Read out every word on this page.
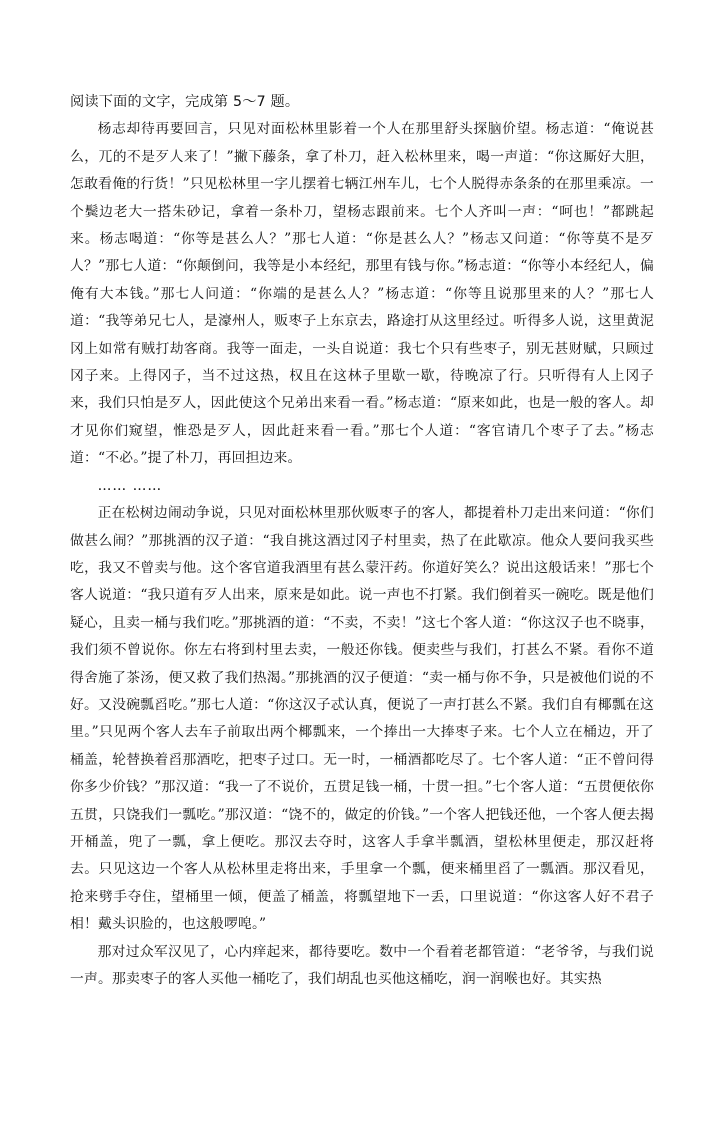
阅读下面的文字，完成第 5～7 题。

杨志却待再要回言，只见对面松林里影着一个人在那里舒头探脑价望。杨志道：“俺说甚么，兀的不是歹人来了！”撇下藤条，拿了朴刀，赶入松林里来，喝一声道：“你这厮好大胆，怎敢看俺的行货！”只见松林里一字儿摆着七辆江州车儿，七个人脱得赤条条的在那里乘凉。一个鬓边老大一搭朱砂记，拿着一条朴刀，望杨志跟前来。七个人齐叫一声：“呵也！”都跳起来。杨志喝道：“你等是甚么人？”那七人道：“你是甚么人？”杨志又问道：“你等莫不是歹人？”那七人道：“你颠倒问，我等是小本经纪，那里有钱与你。”杨志道：“你等小本经纪人，偏俺有大本钱。”那七人问道：“你端的是甚么人？”杨志道：“你等且说那里来的人？”那七人道：“我等弟兄七人，是濠州人，贩枣子上东京去，路途打从这里经过。听得多人说，这里黄泥冈上如常有贼打劫客商。我等一面走，一头自说道：我七个只有些枣子，别无甚财赋，只顾过冈子来。上得冈子，当不过这热，权且在这林子里歇一歇，待晚凉了行。只听得有人上冈子来，我们只怕是歹人，因此使这个兄弟出来看一看。”杨志道：“原来如此，也是一般的客人。却才见你们窥望，惟恐是歹人，因此赶来看一看。”那七个人道：“客官请几个枣子了去。”杨志道：“不必。”提了朴刀，再回担边来。

…… ……

正在松树边闹动争说，只见对面松林里那伙贩枣子的客人，都提着朴刀走出来问道：“你们做甚么闹？”那挑酒的汉子道：“我自挑这酒过冈子村里卖，热了在此歇凉。他众人要问我买些吃，我又不曾卖与他。这个客官道我酒里有甚么蒙汗药。你道好笑么？说出这般话来！”那七个客人说道：“我只道有歹人出来，原来是如此。说一声也不打紧。我们倒着买一碗吃。既是他们疑心，且卖一桶与我们吃。”那挑酒的道：“不卖，不卖！”这七个客人道：“你这汉子也不晓事，我们须不曾说你。你左右将到村里去卖，一般还你钱。便卖些与我们，打甚么不紧。看你不道得舍施了茶汤，便又救了我们热渴。”那挑酒的汉子便道：“卖一桶与你不争，只是被他们说的不好。又没碗瓢舀吃。”那七人道：“你这汉子忒认真，便说了一声打甚么不紧。我们自有椰瓢在这里。”只见两个客人去车子前取出两个椰瓢来，一个捧出一大捧枣子来。七个人立在桶边，开了桶盖，轮替换着舀那酒吃，把枣子过口。无一时，一桶酒都吃尽了。七个客人道：“正不曾问得你多少价钱？”那汉道：“我一了不说价，五贯足钱一桶，十贯一担。”七个客人道：“五贯便依你五贯，只饶我们一瓢吃。”那汉道：“饶不的，做定的价钱。”一个客人把钱还他，一个客人便去揭开桶盖，兜了一瓢，拿上便吃。那汉去夺时，这客人手拿半瓢酒，望松林里便走，那汉赶将去。只见这边一个客人从松林里走将出来，手里拿一个瓢，便来桶里舀了一瓢酒。那汉看见，抢来劈手夺住，望桶里一倾，便盖了桶盖，将瓢望地下一丢，口里说道：“你这客人好不君子相！戴头识脸的，也这般啰唣。”

那对过众军汉见了，心内痒起来，都待要吃。数中一个看着老都管道：“老爷爷，与我们说一声。那卖枣子的客人买他一桶吃了，我们胡乱也买他这桶吃，润一润喉也好。其实热
